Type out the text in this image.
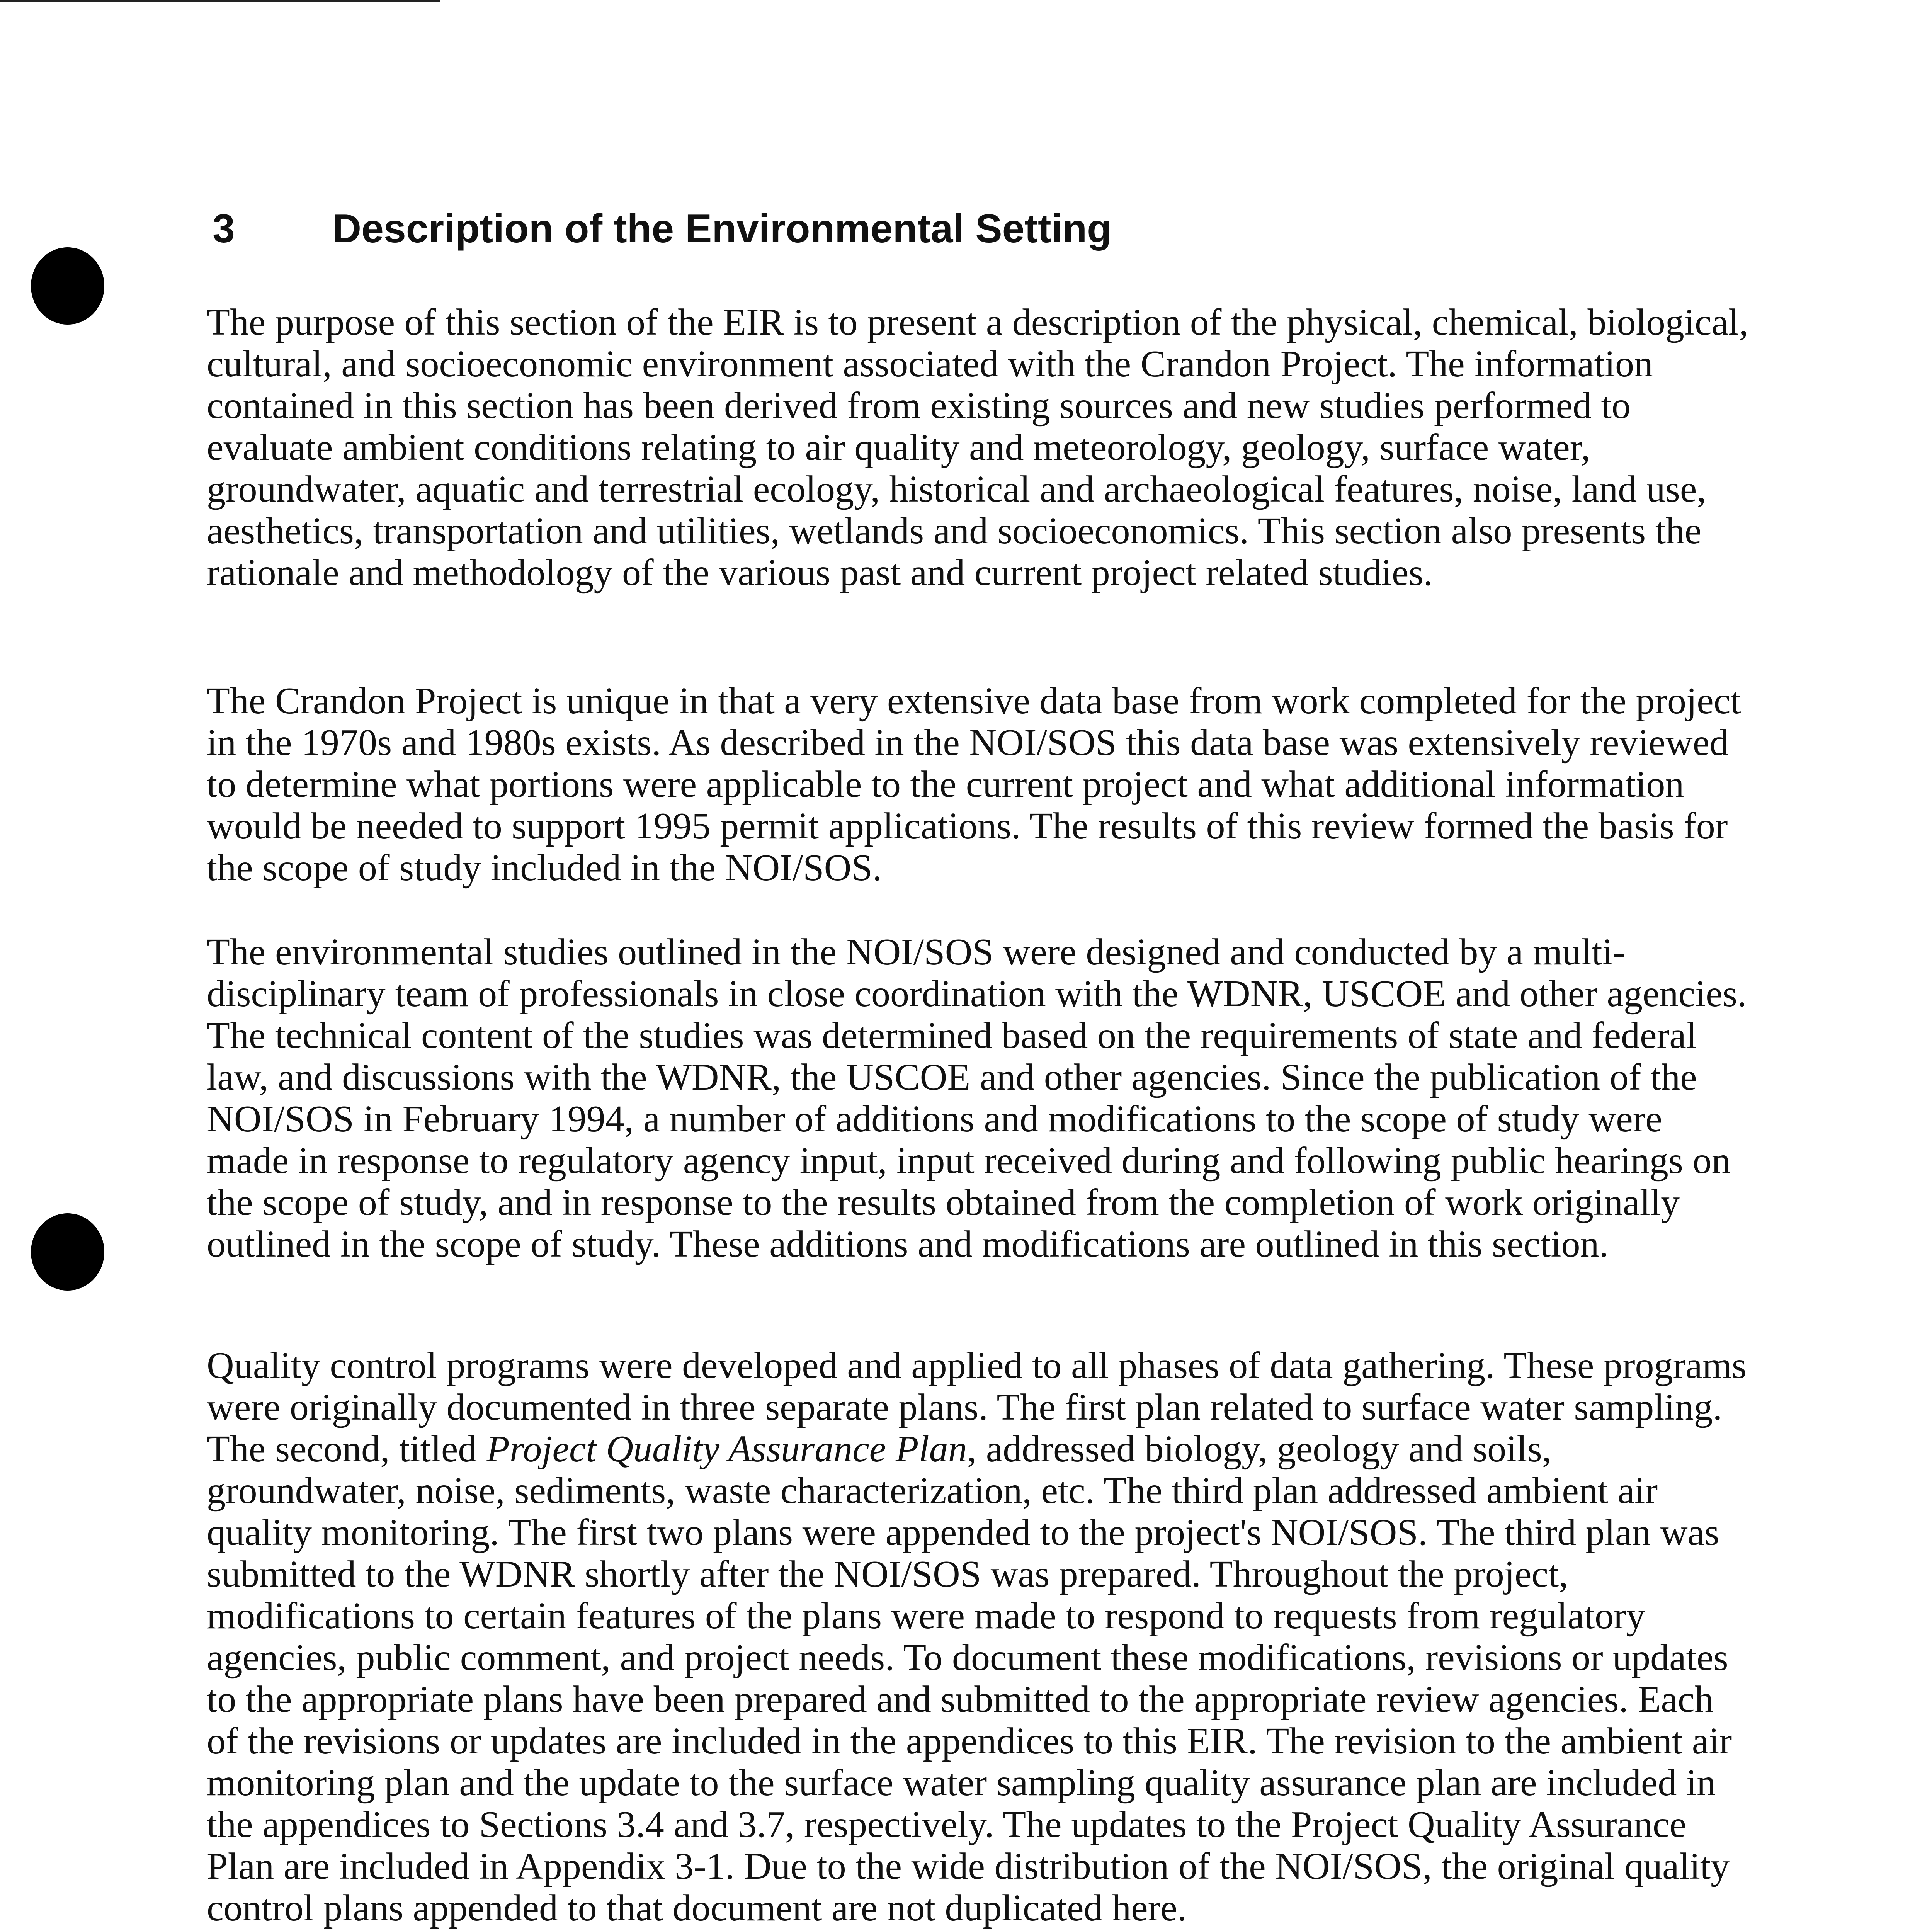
3 Description of the Environmental Setting

The purpose of this section of the EIR is to present a description of the physical, chemical, biological, cultural, and socioeconomic environment associated with the Crandon Project. The information contained in this section has been derived from existing sources and new studies performed to evaluate ambient conditions relating to air quality and meteorology, geology, surface water, groundwater, aquatic and terrestrial ecology, historical and archaeological features, noise, land use, aesthetics, transportation and utilities, wetlands and socioeconomics. This section also presents the rationale and methodology of the various past and current project related studies.

The Crandon Project is unique in that a very extensive data base from work completed for the project in the 1970s and 1980s exists. As described in the NOI/SOS this data base was extensively reviewed to determine what portions were applicable to the current project and what additional information would be needed to support 1995 permit applications. The results of this review formed the basis for the scope of study included in the NOI/SOS.

The environmental studies outlined in the NOI/SOS were designed and conducted by a multi-disciplinary team of professionals in close coordination with the WDNR, USCOE and other agencies. The technical content of the studies was determined based on the requirements of state and federal law, and discussions with the WDNR, the USCOE and other agencies. Since the publication of the NOI/SOS in February 1994, a number of additions and modifications to the scope of study were made in response to regulatory agency input, input received during and following public hearings on the scope of study, and in response to the results obtained from the completion of work originally outlined in the scope of study. These additions and modifications are outlined in this section.

Quality control programs were developed and applied to all phases of data gathering. These programs were originally documented in three separate plans. The first plan related to surface water sampling. The second, titled Project Quality Assurance Plan, addressed biology, geology and soils, groundwater, noise, sediments, waste characterization, etc. The third plan addressed ambient air quality monitoring. The first two plans were appended to the project's NOI/SOS. The third plan was submitted to the WDNR shortly after the NOI/SOS was prepared. Throughout the project, modifications to certain features of the plans were made to respond to requests from regulatory agencies, public comment, and project needs. To document these modifications, revisions or updates to the appropriate plans have been prepared and submitted to the appropriate review agencies. Each of the revisions or updates are included in the appendices to this EIR. The revision to the ambient air monitoring plan and the update to the surface water sampling quality assurance plan are included in the appendices to Sections 3.4 and 3.7, respectively. The updates to the Project Quality Assurance Plan are included in Appendix 3-1. Due to the wide distribution of the NOI/SOS, the original quality control plans appended to that document are not duplicated here.
